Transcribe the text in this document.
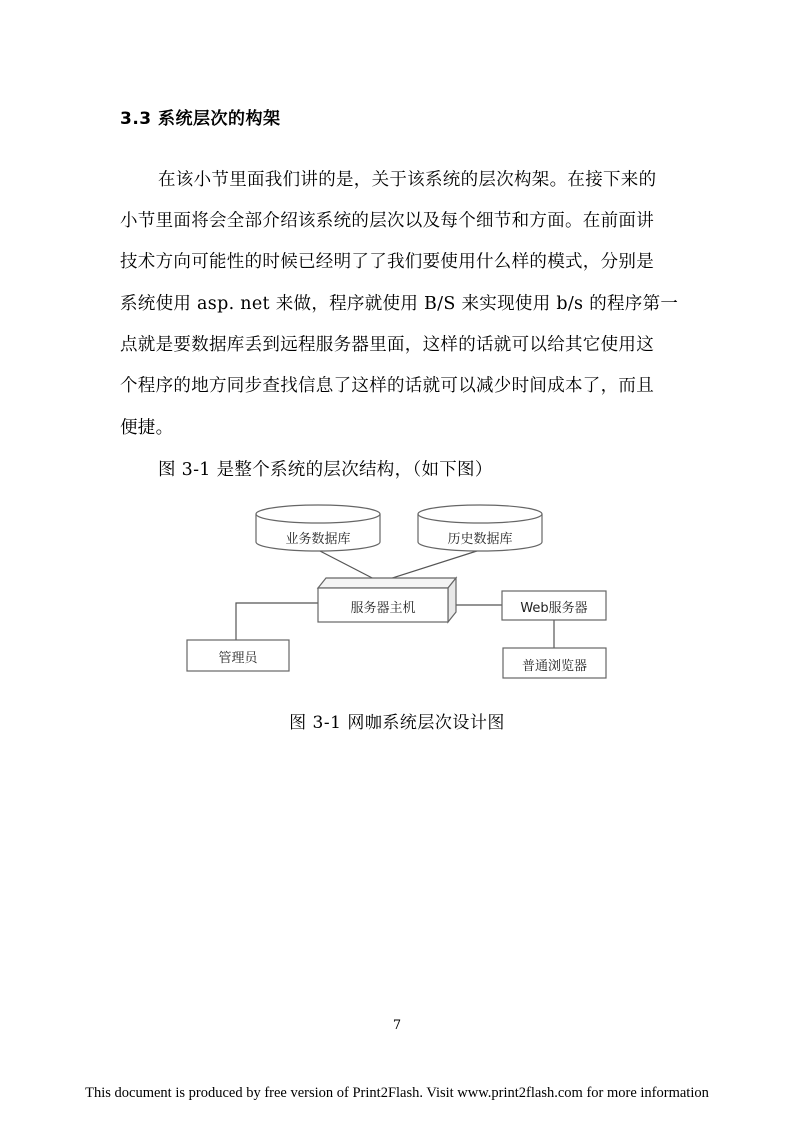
3.3 系统层次的构架
在该小节里面我们讲的是，关于该系统的层次构架。在接下来的
小节里面将会全部介绍该系统的层次以及每个细节和方面。在前面讲
技术方向可能性的时候已经明了了我们要使用什么样的模式，分别是
系统使用 asp. net 来做，程序就使用 B/S 来实现使用 b/s 的程序第一
点就是要数据库丢到远程服务器里面，这样的话就可以给其它使用这
个程序的地方同步查找信息了这样的话就可以减少时间成本了，而且
便捷。
图 3-1 是整个系统的层次结构，（如下图）
业务数据库	历史数据库
服务器主机	Web服务器
管理员
普通浏览器
图 3-1 网咖系统层次设计图
7
This document is produced by free version of Print2Flash. Visit www.print2flash.com for more information
